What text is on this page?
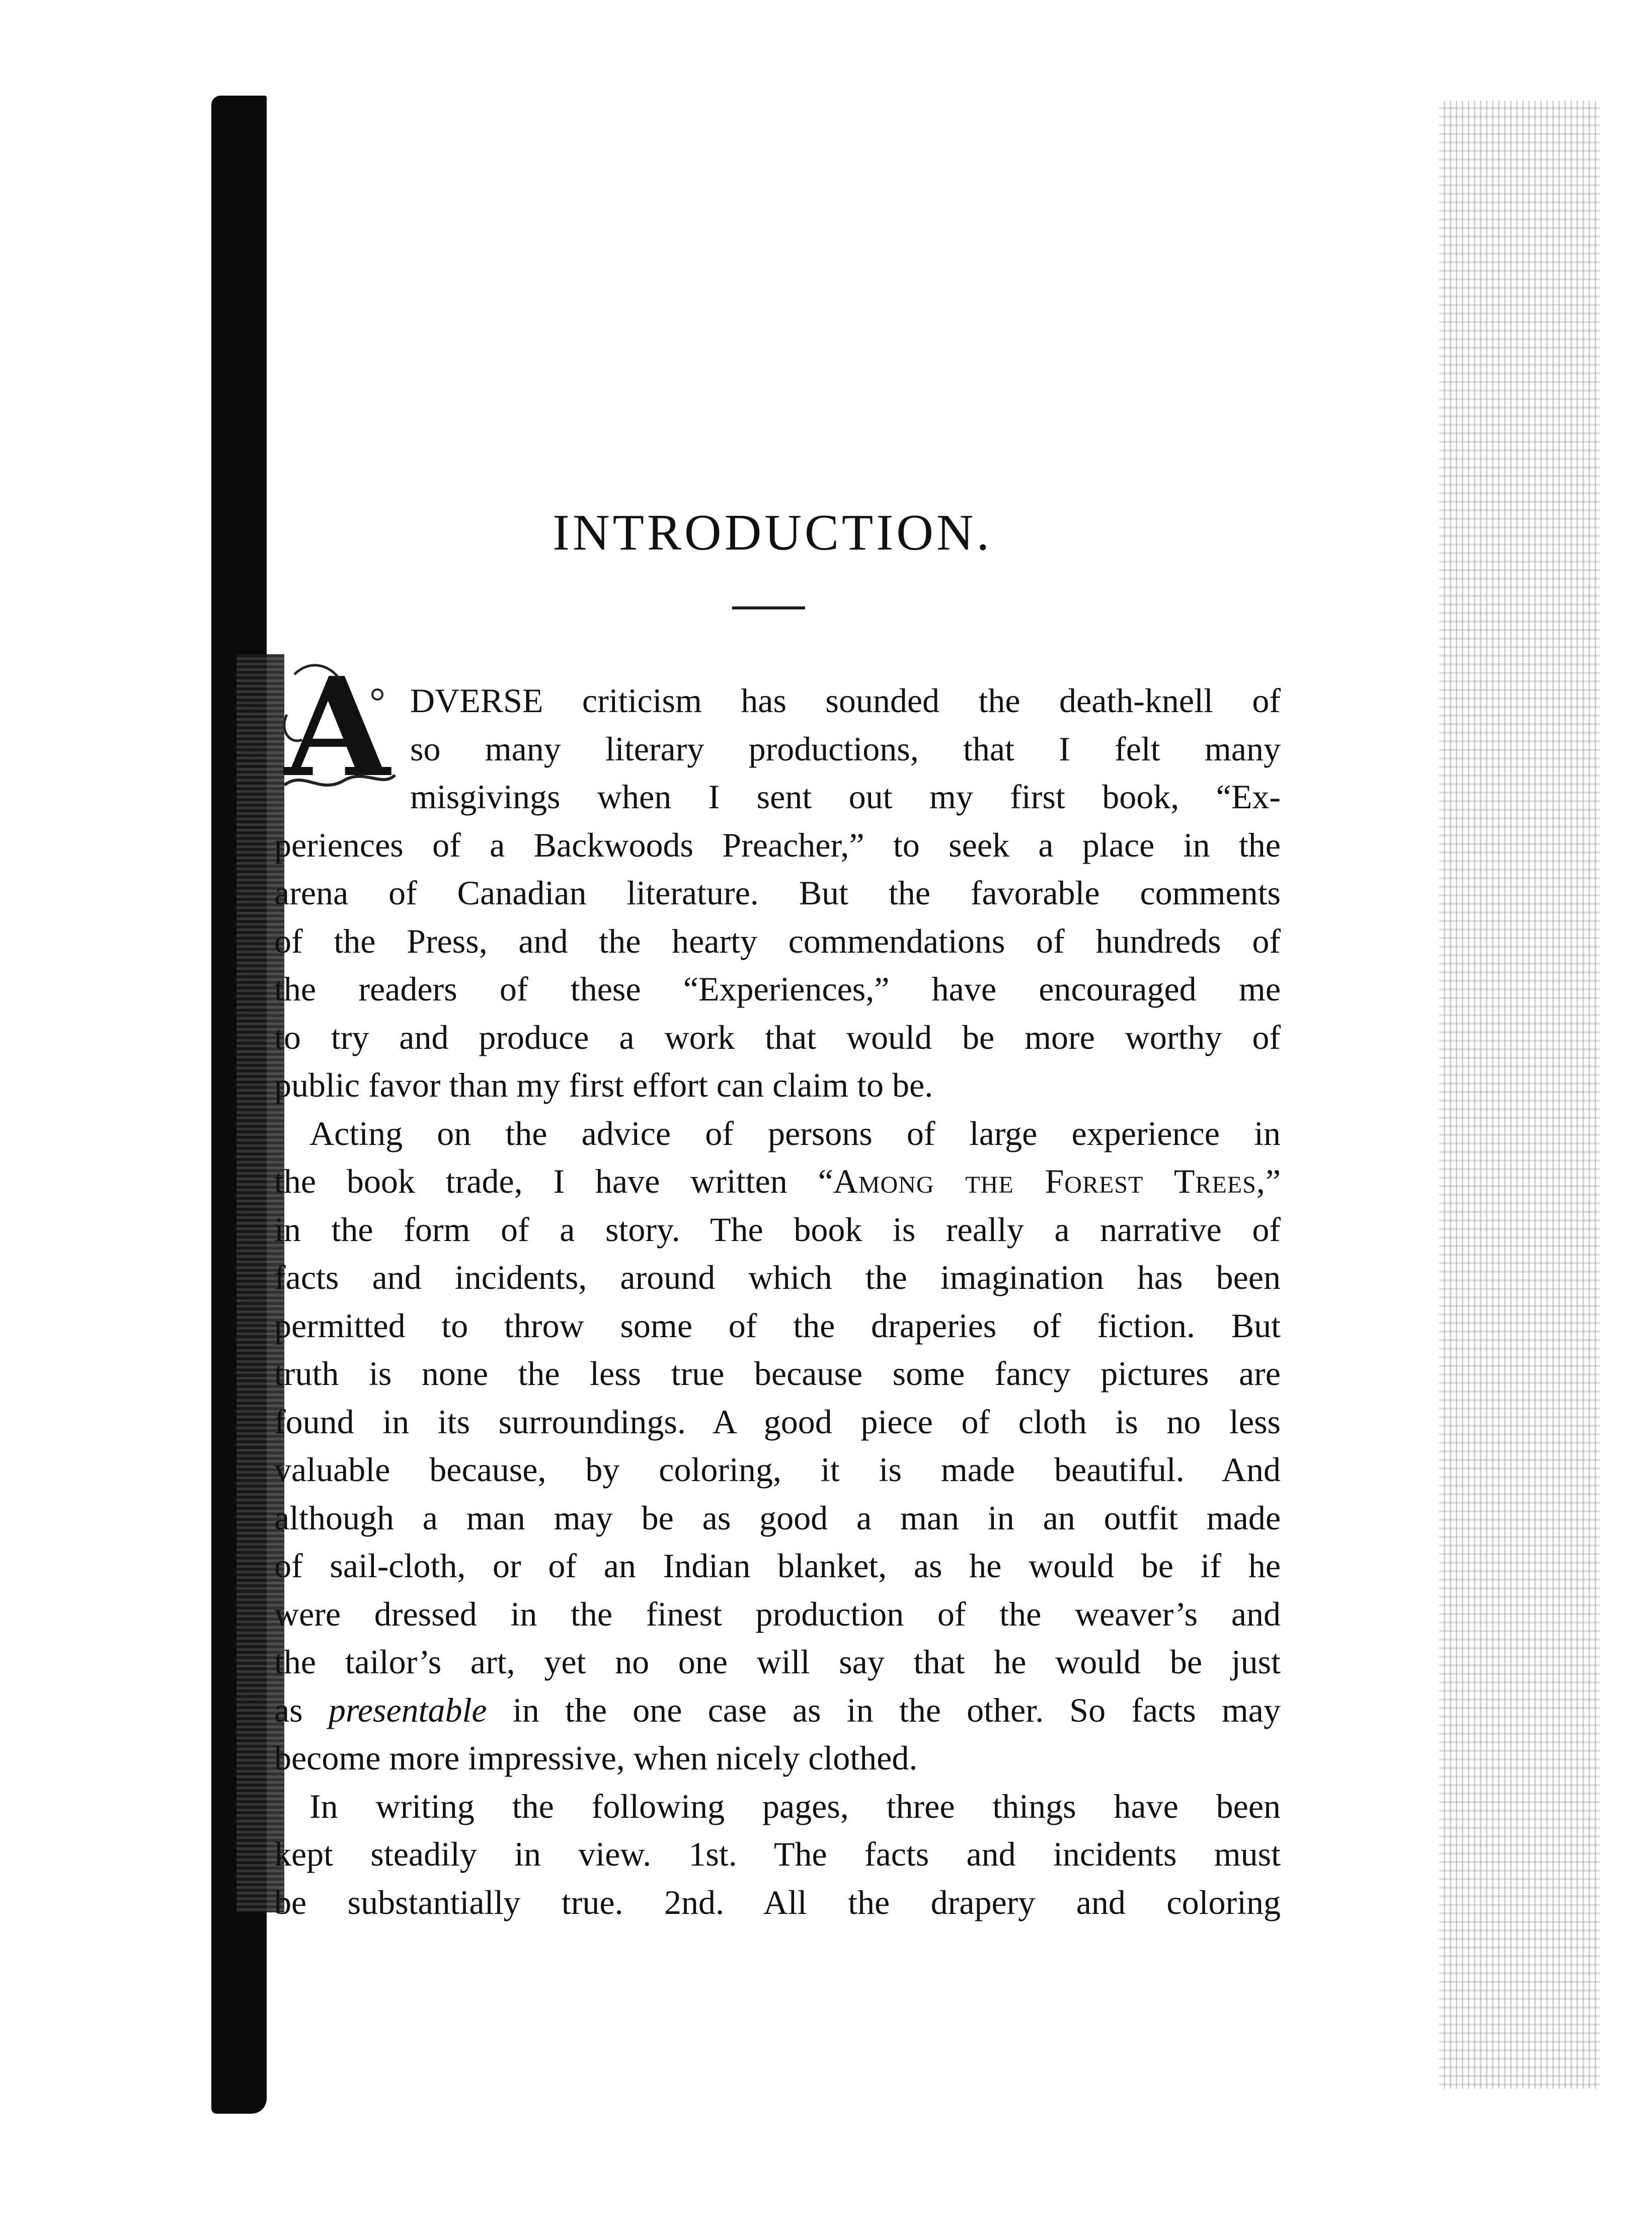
INTRODUCTION.
A DVERSE criticism has sounded the death-knell of
so many literary productions, that I felt many
misgivings when I sent out my first book, “Ex-
periences of a Backwoods Preacher,” to seek a place in the
arena of Canadian literature. But the favorable comments
of the Press, and the hearty commendations of hundreds of
the readers of these “Experiences,” have encouraged me
to try and produce a work that would be more worthy of
public favor than my first effort can claim to be.
Acting on the advice of persons of large experience in
the book trade, I have written “Among the Forest Trees,”
in the form of a story. The book is really a narrative of
facts and incidents, around which the imagination has been
permitted to throw some of the draperies of fiction. But
truth is none the less true because some fancy pictures are
found in its surroundings. A good piece of cloth is no less
valuable because, by coloring, it is made beautiful. And
although a man may be as good a man in an outfit made
of sail-cloth, or of an Indian blanket, as he would be if he
were dressed in the finest production of the weaver’s and
the tailor’s art, yet no one will say that he would be just
as presentable in the one case as in the other. So facts may
become more impressive, when nicely clothed.
In writing the following pages, three things have been
kept steadily in view. 1st. The facts and incidents must
be substantially true. 2nd. All the drapery and coloring
